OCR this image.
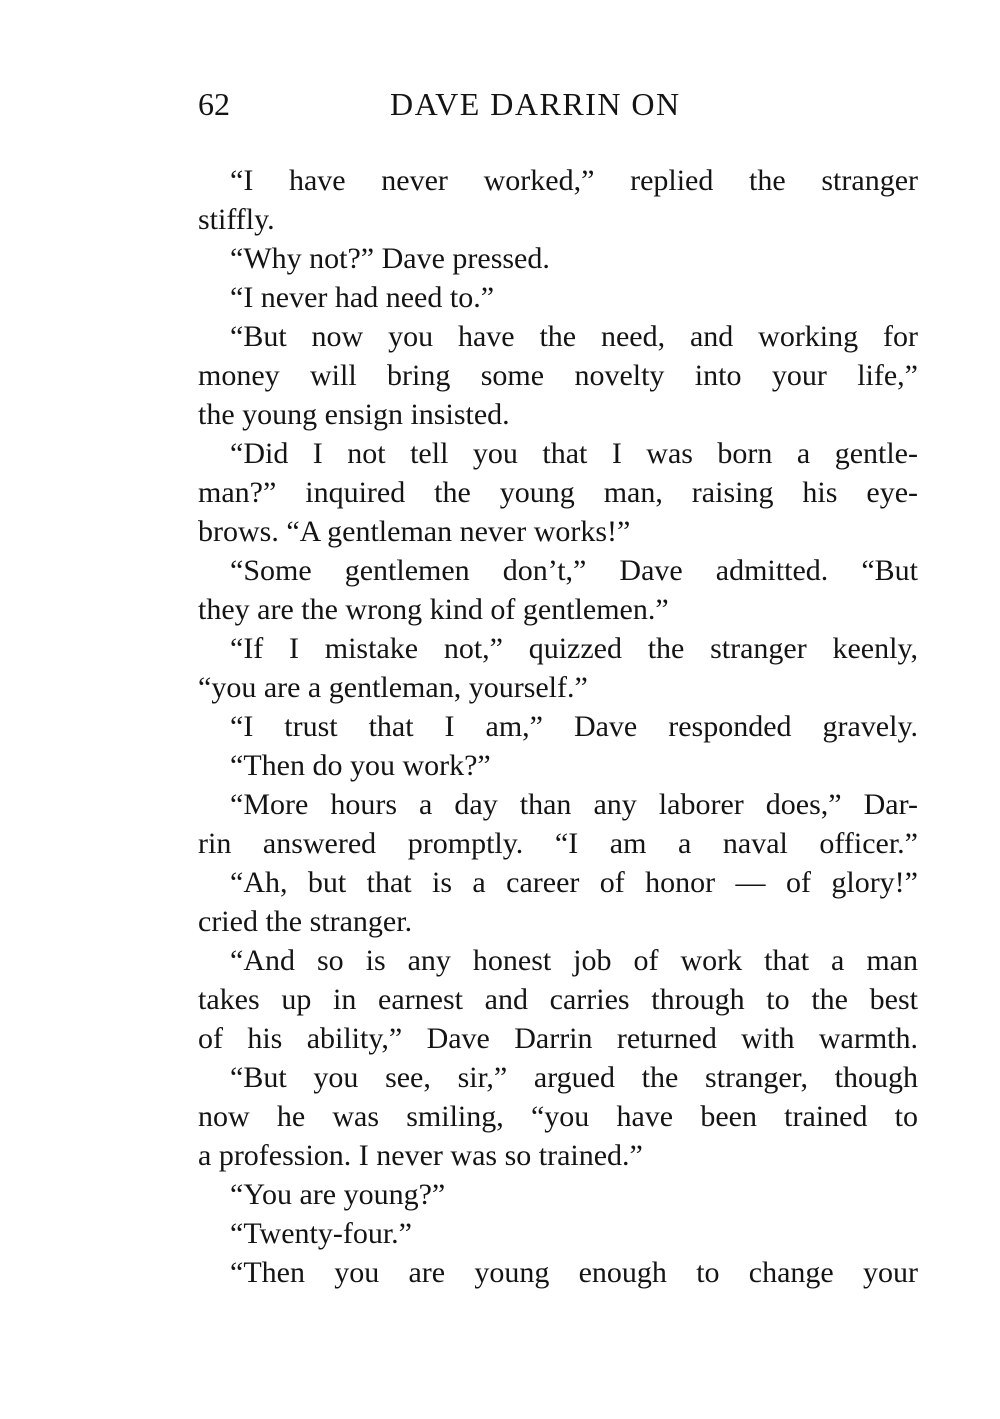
62	DAVE DARRIN ON
“I have never worked,” replied the stranger
stiffly.
“Why not?” Dave pressed.
“I never had need to.”
“But now you have the need, and working for
money will bring some novelty into your life,”
the young ensign insisted.
“Did I not tell you that I was born a gentle-
man?” inquired the young man, raising his eye-
brows. “A gentleman never works!”
“Some gentlemen don’t,” Dave admitted. “But
they are the wrong kind of gentlemen.”
“If I mistake not,” quizzed the stranger keenly,
“you are a gentleman, yourself.”
“I trust that I am,” Dave responded gravely.
“Then do you work?”
“More hours a day than any laborer does,” Dar-
rin answered promptly. “I am a naval officer.”
“Ah, but that is a career of honor — of glory!”
cried the stranger.
“And so is any honest job of work that a man
takes up in earnest and carries through to the best
of his ability,” Dave Darrin returned with warmth.
“But you see, sir,” argued the stranger, though
now he was smiling, “you have been trained to
a profession. I never was so trained.”
“You are young?”
“Twenty-four.”
“Then you are young enough to change your
